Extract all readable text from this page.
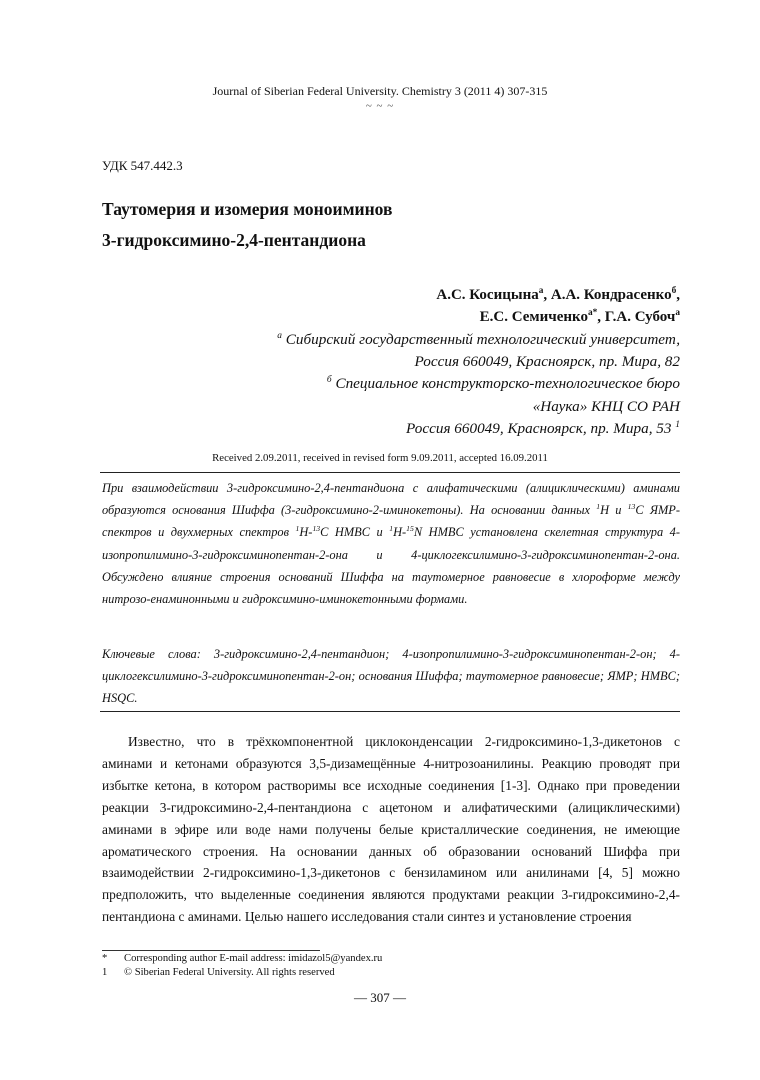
Journal of Siberian Federal University. Chemistry 3 (2011 4) 307-315
~ ~ ~
УДК 547.442.3
Таутомерия и изомерия моноиминов
3-гидроксимино-2,4-пентандиона
А.С. Косицына$^а$, А.А. Кондрасенко$^б$,
Е.С. Семиченко$^{а*}$, Г.А. Субоч$^а$
$^а$ Сибирский государственный технологический университет,
Россия 660049, Красноярск, пр. Мира, 82
$^б$ Специальное конструкторско-технологическое бюро
«Наука» КНЦ СО РАН
Россия 660049, Красноярск, пр. Мира, 53 $^1$
Received 2.09.2011, received in revised form 9.09.2011, accepted 16.09.2011
При взаимодействии 3-гидроксимино-2,4-пентандиона с алифатическими (алициклическими) аминами образуются основания Шиффа (3-гидроксимино-2-иминокетоны). На основании данных $^1$H и $^{13}$C ЯМР-спектров и двухмерных спектров $^1$H-$^{13}$C HMBC и $^1$H-$^{15}$N HMBC установлена скелетная структура 4-изопропилимино-3-гидроксиминопентан-2-она и 4-циклогексилимино-3-гидроксиминопентан-2-она. Обсуждено влияние строения оснований Шиффа на таутомерное равновесие в хлороформе между нитрозо-енаминонными и гидроксимино-иминокетонными формами.
Ключевые слова: 3-гидроксимино-2,4-пентандион; 4-изопропилимино-3-гидроксиминопентан-2-он; 4-циклогексилимино-3-гидроксиминопентан-2-он; основания Шиффа; таутомерное равновесие; ЯМР; HMBC; HSQC.
Известно, что в трёхкомпонентной циклоконденсации 2-гидроксимино-1,3-дикетонов с аминами и кетонами образуются 3,5-дизамещённые 4-нитрозоанилины. Реакцию проводят при избытке кетона, в котором растворимы все исходные соединения [1-3]. Однако при проведении реакции 3-гидроксимино-2,4-пентандиона с ацетоном и алифатическими (алициклическими) аминами в эфире или воде нами получены белые кристаллические соединения, не имеющие ароматического строения. На основании данных об образовании оснований Шиффа при взаимодействии 2-гидроксимино-1,3-дикетонов с бензиламином или анилинами [4, 5] можно предположить, что выделенные соединения являются продуктами реакции 3-гидроксимино-2,4-пентандиона с аминами. Целью нашего исследования стали синтез и установление строения
* Corresponding author E-mail address: imidazol5@yandex.ru
1 © Siberian Federal University. All rights reserved
— 307 —
